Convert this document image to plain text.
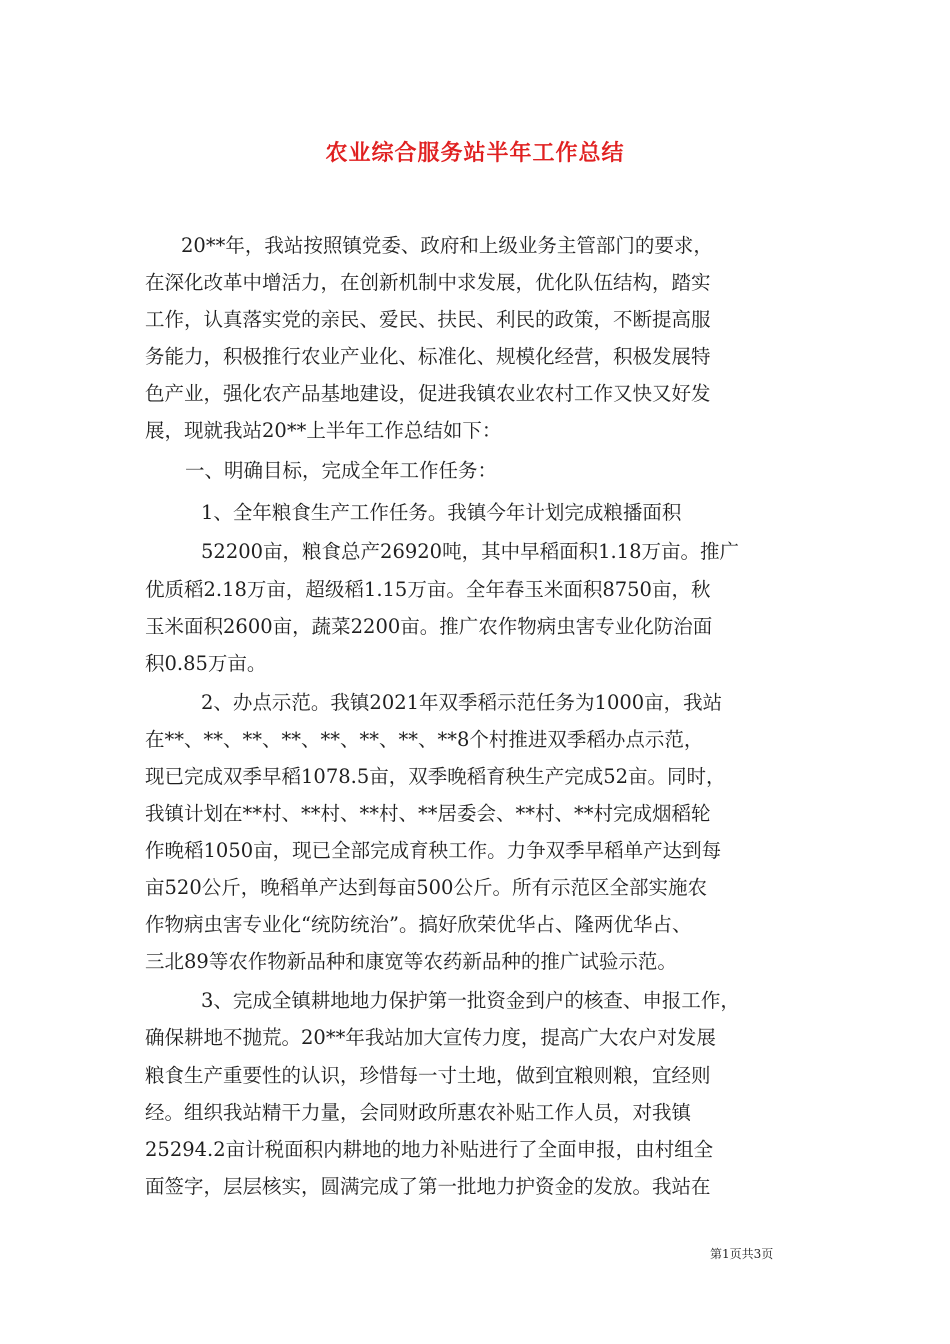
农业综合服务站半年工作总结
20**年，我站按照镇党委、政府和上级业务主管部门的要求，
在深化改革中增活力，在创新机制中求发展，优化队伍结构，踏实
工作，认真落实党的亲民、爱民、扶民、利民的政策，不断提高服
务能力，积极推行农业产业化、标准化、规模化经营，积极发展特
色产业，强化农产品基地建设，促进我镇农业农村工作又快又好发
展，现就我站20**上半年工作总结如下：
一、明确目标，完成全年工作任务：
1、全年粮食生产工作任务。我镇今年计划完成粮播面积
52200亩，粮食总产26920吨，其中早稻面积1.18万亩。推广
优质稻2.18万亩，超级稻1.15万亩。全年春玉米面积8750亩，秋
玉米面积2600亩，蔬菜2200亩。推广农作物病虫害专业化防治面
积0.85万亩。
2、办点示范。我镇2021年双季稻示范任务为1000亩，我站
在**、**、**、**、**、**、**、**8个村推进双季稻办点示范，
现已完成双季早稻1078.5亩，双季晚稻育秧生产完成52亩。同时，
我镇计划在**村、**村、**村、**居委会、**村、**村完成烟稻轮
作晚稻1050亩，现已全部完成育秧工作。力争双季早稻单产达到每
亩520公斤，晚稻单产达到每亩500公斤。所有示范区全部实施农
作物病虫害专业化“统防统治”。搞好欣荣优华占、隆两优华占、
三北89等农作物新品种和康宽等农药新品种的推广试验示范。
3、完成全镇耕地地力保护第一批资金到户的核查、申报工作，
确保耕地不抛荒。20**年我站加大宣传力度，提高广大农户对发展
粮食生产重要性的认识，珍惜每一寸土地，做到宜粮则粮，宜经则
经。组织我站精干力量，会同财政所惠农补贴工作人员，对我镇
25294.2亩计税面积内耕地的地力补贴进行了全面申报，由村组全
面签字，层层核实，圆满完成了第一批地力护资金的发放。我站在
第1页共3页
